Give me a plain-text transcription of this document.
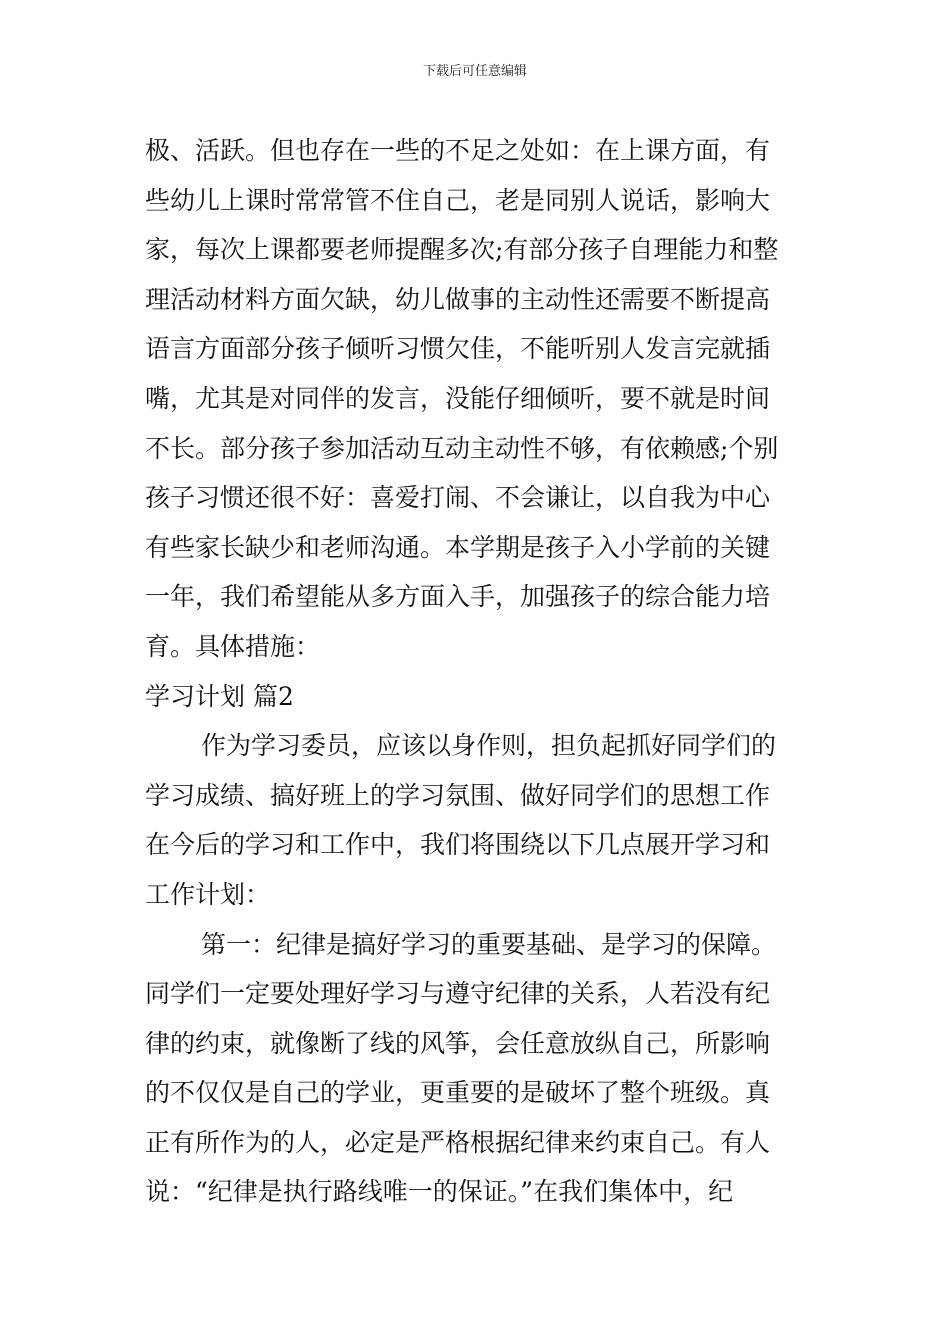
下载后可任意编辑
极、活跃。但也存在一些的不足之处如：在上课方面，有
些幼儿上课时常常管不住自己，老是同别人说话，影响大
家，每次上课都要老师提醒多次;有部分孩子自理能力和整
理活动材料方面欠缺，幼儿做事的主动性还需要不断提高
语言方面部分孩子倾听习惯欠佳，不能听别人发言完就插
嘴，尤其是对同伴的发言，没能仔细倾听，要不就是时间
不长。部分孩子参加活动互动主动性不够，有依赖感;个别
孩子习惯还很不好：喜爱打闹、不会谦让，以自我为中心
有些家长缺少和老师沟通。本学期是孩子入小学前的关键
一年，我们希望能从多方面入手，加强孩子的综合能力培
育。具体措施：
学习计划 篇2
作为学习委员，应该以身作则，担负起抓好同学们的
学习成绩、搞好班上的学习氛围、做好同学们的思想工作
在今后的学习和工作中，我们将围绕以下几点展开学习和
工作计划：
第一：纪律是搞好学习的重要基础、是学习的保障。
同学们一定要处理好学习与遵守纪律的关系，人若没有纪
律的约束，就像断了线的风筝，会任意放纵自己，所影响
的不仅仅是自己的学业，更重要的是破坏了整个班级。真
正有所作为的人，必定是严格根据纪律来约束自己。有人
说：“纪律是执行路线唯一的保证。”在我们集体中，纪
